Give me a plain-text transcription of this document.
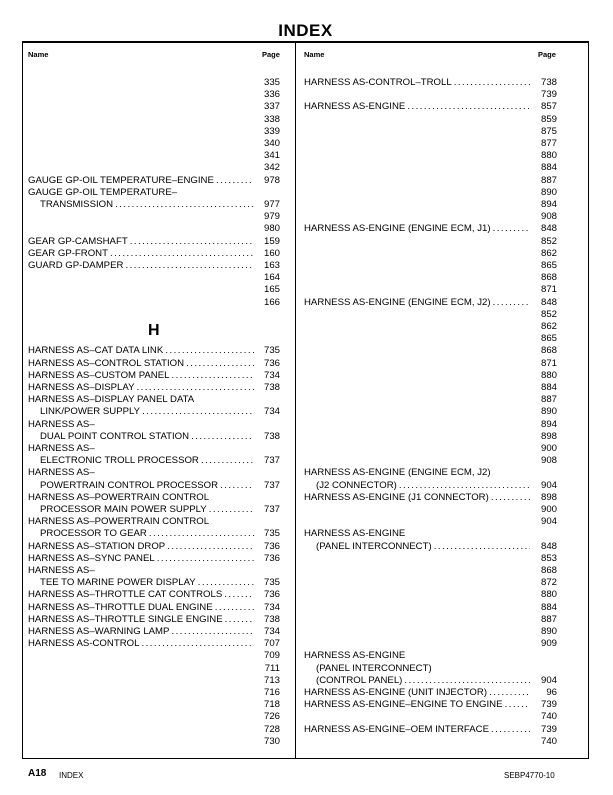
INDEX
Name	Page	Name	Page
H
335
336
337
338
339
340
341
342
GAUGE GP-OIL TEMPERATURE–ENGINE . . .	978
GAUGE GP-OIL TEMPERATURE–
TRANSMISSION . . .	977
979
980
GEAR GP-CAMSHAFT . . .	159
GEAR GP-FRONT . . .	160
GUARD GP-DAMPER . . .	163
164
165
166
HARNESS AS–CAT DATA LINK . . .	735
HARNESS AS–CONTROL STATION . . .	736
HARNESS AS–CUSTOM PANEL . . .	734
HARNESS AS–DISPLAY . . .	738
HARNESS AS–DISPLAY PANEL DATA
LINK/POWER SUPPLY . . .	734
HARNESS AS–
DUAL POINT CONTROL STATION . . .	738
HARNESS AS–
ELECTRONIC TROLL PROCESSOR . . .	737
HARNESS AS–
POWERTRAIN CONTROL PROCESSOR . . .	737
HARNESS AS–POWERTRAIN CONTROL
PROCESSOR MAIN POWER SUPPLY . . .	737
HARNESS AS–POWERTRAIN CONTROL
PROCESSOR TO GEAR . . .	735
HARNESS AS–STATION DROP . . .	736
HARNESS AS–SYNC PANEL . . .	736
HARNESS AS–
TEE TO MARINE POWER DISPLAY . . .	735
HARNESS AS–THROTTLE CAT CONTROLS . . .	736
HARNESS AS–THROTTLE DUAL ENGINE . . .	734
HARNESS AS–THROTTLE SINGLE ENGINE . . .	738
HARNESS AS–WARNING LAMP . . .	734
HARNESS AS-CONTROL . . .	707
709
711
713
716
718
726
728
730
HARNESS AS-CONTROL–TROLL . . .	738
739
HARNESS AS-ENGINE . . .	857
859
875
877
880
884
887
890
894
908
HARNESS AS-ENGINE (ENGINE ECM, J1) . . .	848
852
862
865
868
871
HARNESS AS-ENGINE (ENGINE ECM, J2) . . .	848
852
862
865
868
871
880
884
887
890
894
898
900
908
HARNESS AS-ENGINE (ENGINE ECM, J2)
(J2 CONNECTOR) . . .	904
HARNESS AS-ENGINE (J1 CONNECTOR) . . .	898
900
904
HARNESS AS-ENGINE
(PANEL INTERCONNECT) . . .	848
853
868
872
880
884
887
890
909
HARNESS AS-ENGINE
(PANEL INTERCONNECT)
(CONTROL PANEL) . . .	904
HARNESS AS-ENGINE (UNIT INJECTOR) . . .	96
HARNESS AS-ENGINE–ENGINE TO ENGINE . . .	739
740
HARNESS AS-ENGINE–OEM INTERFACE . . .	739
740
A18 INDEX	SEBP4770-10
